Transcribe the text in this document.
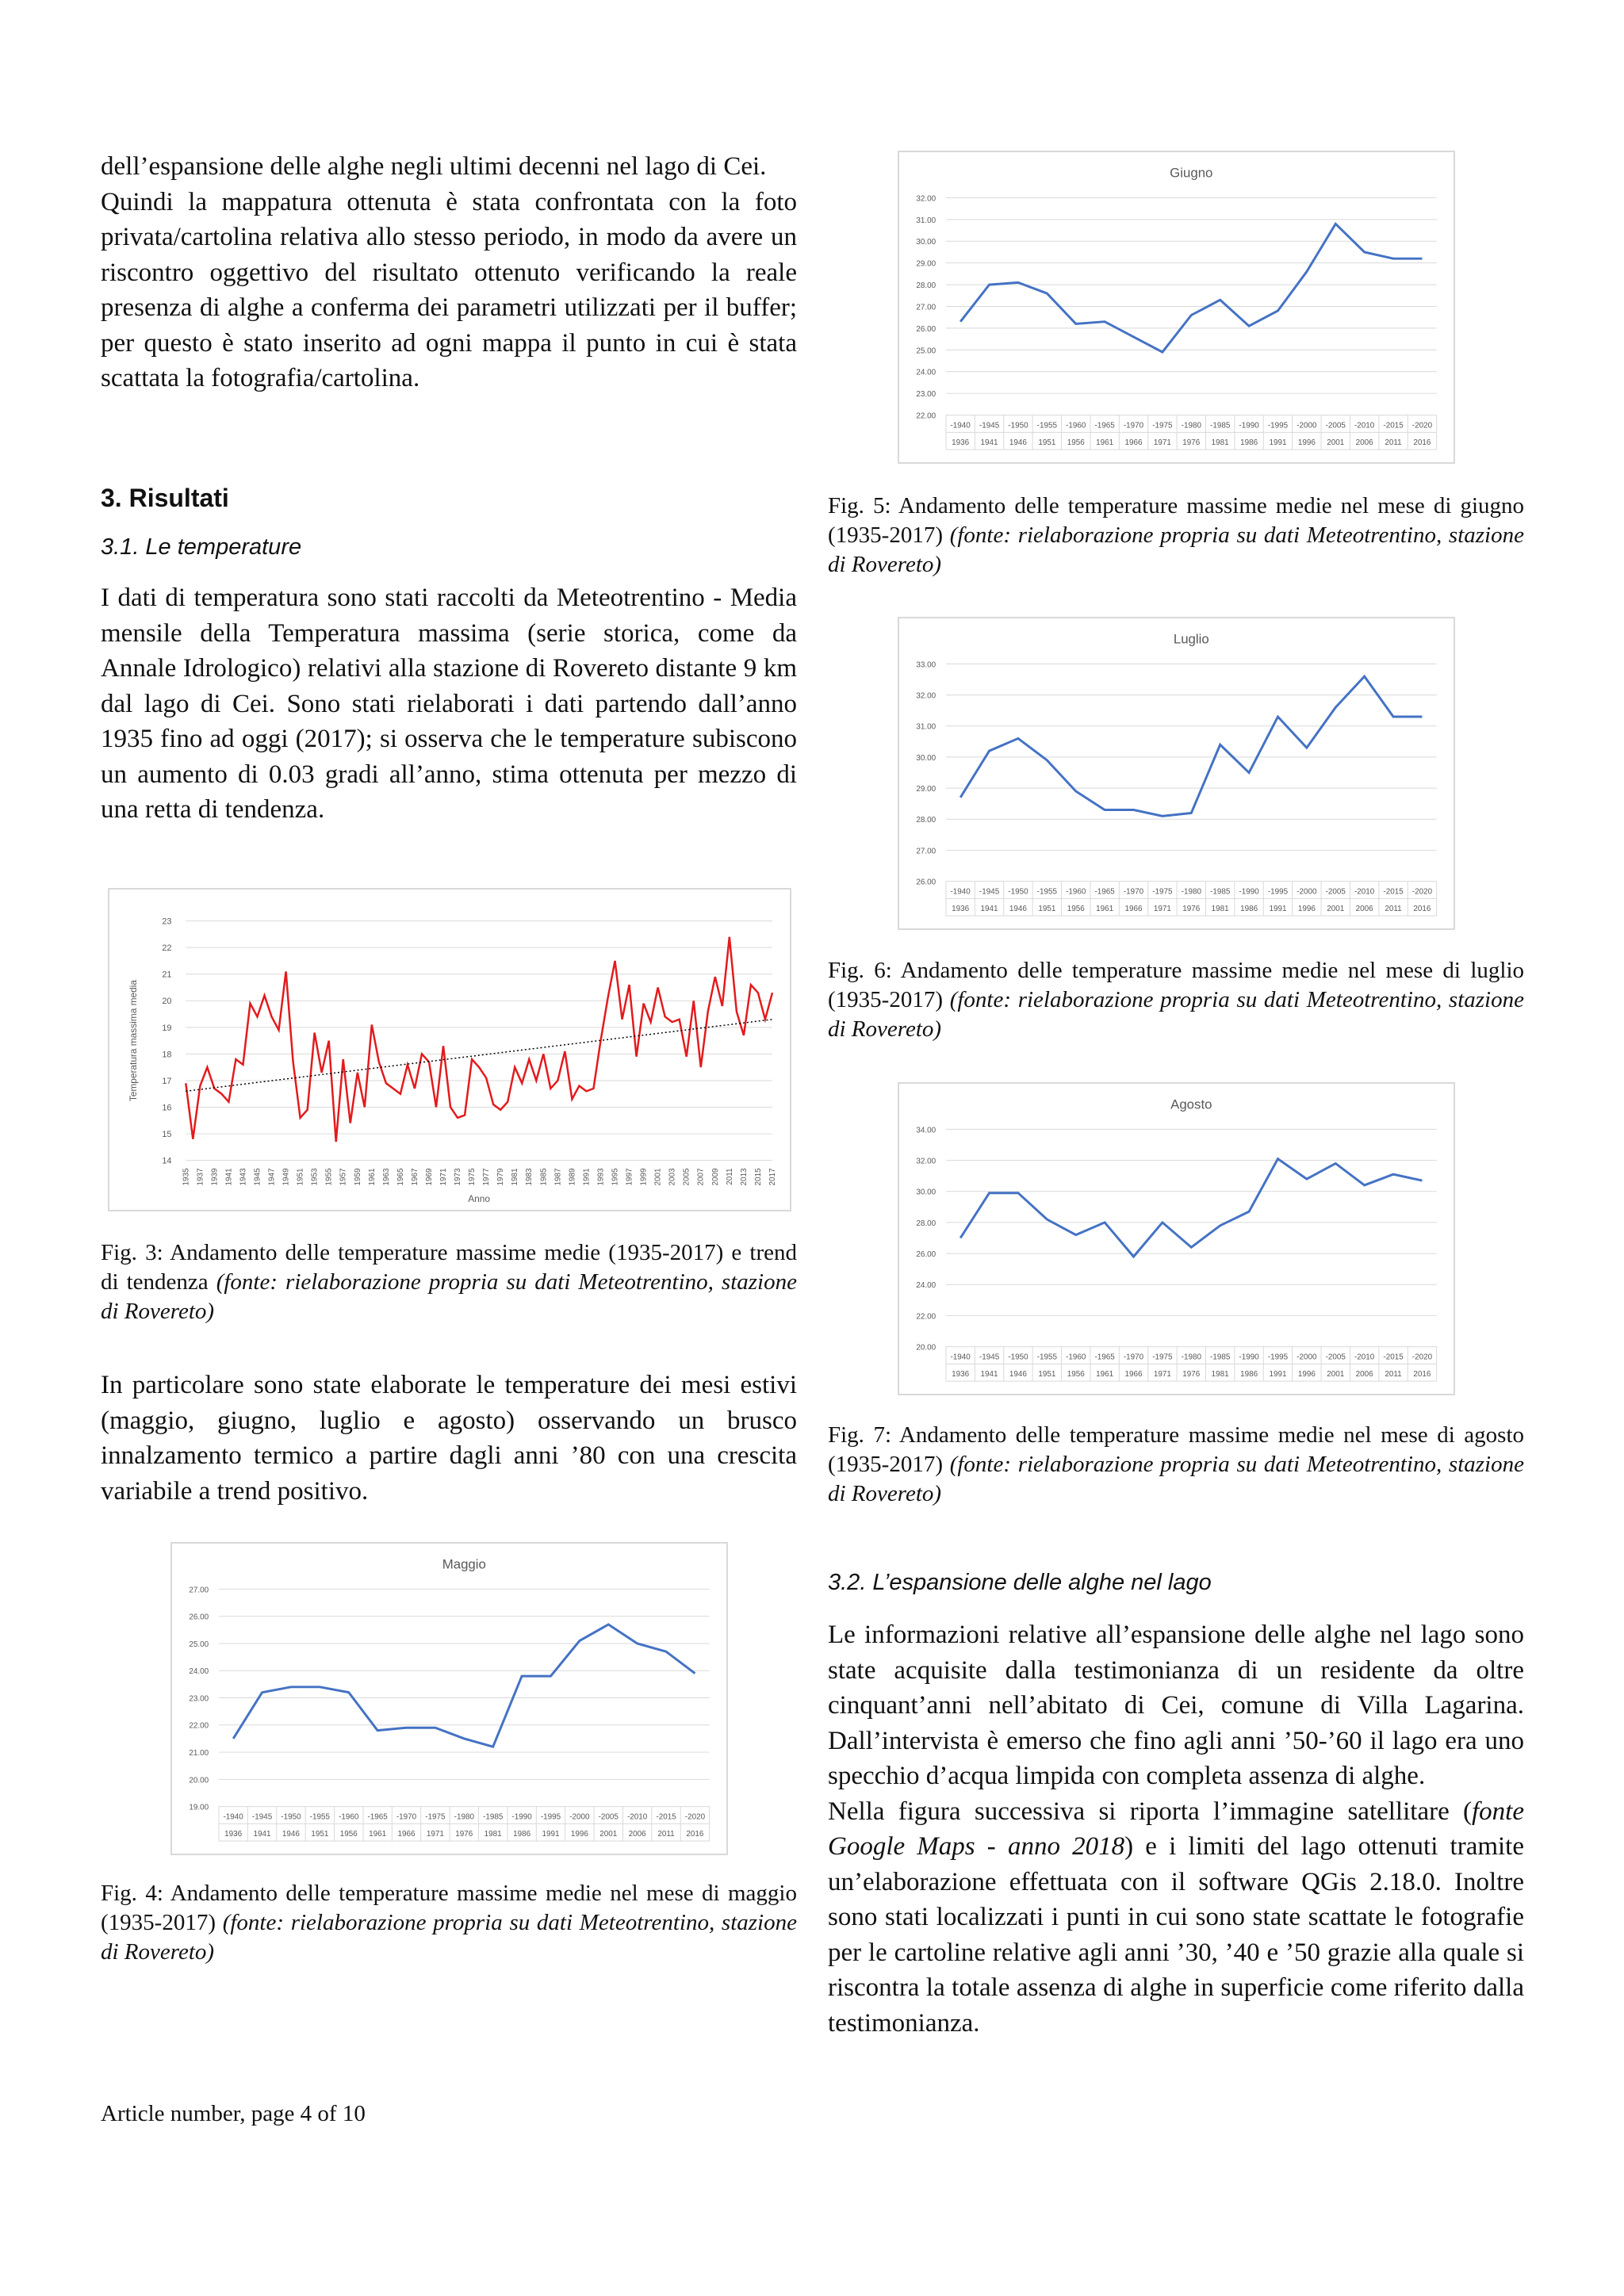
dell’espansione delle alghe negli ultimi decenni nel lago di Cei.

Quindi la mappatura ottenuta è stata confrontata con la foto privata/cartolina relativa allo stesso periodo, in modo da avere un riscontro oggettivo del risultato ottenuto verificando la reale presenza di alghe a conferma dei parametri utilizzati per il buffer; per questo è stato inserito ad ogni mappa il punto in cui è stata scattata la fotografia/cartolina.

3. Risultati
3.1. Le temperature

I dati di temperatura sono stati raccolti da Meteotrentino - Media mensile della Temperatura massima (serie storica, come da Annale Idrologico) relativi alla stazione di Rovereto distante 9 km dal lago di Cei. Sono stati rielaborati i dati partendo dall’anno 1935 fino ad oggi (2017); si osserva che le temperature subiscono un aumento di 0.03 gradi all’anno, stima ottenuta per mezzo di una retta di tendenza.

14
15
16
17
18
19
20
21
22
23
1935 1937 1939 1941 1943 1945 1947 1949 1951 1953 1955 1957 1959 1961 1963 1965 1967 1969 1971 1973 1975 1977 1979 1981 1983 1985 1987 1989 1991 1993 1995 1997 1999 2001 2003 2005 2007 2009 2011 2013 2015 2017
Anno
Temperatura massima media

Fig. 3: Andamento delle temperature massime medie (1935-2017) e trend di tendenza (fonte: rielaborazione propria su dati Meteotrentino, stazione di Rovereto)

In particolare sono state elaborate le temperature dei mesi estivi (maggio, giugno, luglio e agosto) osservando un brusco innalzamento termico a partire dagli anni ’80 con una crescita variabile a trend positivo.

Maggio
19.00
20.00
21.00
22.00
23.00
24.00
25.00
26.00
27.00
-1940 -1945 -1950 -1955 -1960 -1965 -1970 -1975 -1980 -1985 -1990 -1995 -2000 -2005 -2010 -2015 -2020
1936 1941 1946 1951 1956 1961 1966 1971 1976 1981 1986 1991 1996 2001 2006 2011 2016

Fig. 4: Andamento delle temperature massime medie nel mese di maggio (1935-2017) (fonte: rielaborazione propria su dati Meteotrentino, stazione di Rovereto)

Giugno
22.00
23.00
24.00
25.00
26.00
27.00
28.00
29.00
30.00
31.00
32.00
-1940 -1945 -1950 -1955 -1960 -1965 -1970 -1975 -1980 -1985 -1990 -1995 -2000 -2005 -2010 -2015 -2020
1936 1941 1946 1951 1956 1961 1966 1971 1976 1981 1986 1991 1996 2001 2006 2011 2016

Fig. 5: Andamento delle temperature massime medie nel mese di giugno (1935-2017) (fonte: rielaborazione propria su dati Meteotrentino, stazione di Rovereto)

Luglio
26.00
27.00
28.00
29.00
30.00
31.00
32.00
33.00
-1940 -1945 -1950 -1955 -1960 -1965 -1970 -1975 -1980 -1985 -1990 -1995 -2000 -2005 -2010 -2015 -2020
1936 1941 1946 1951 1956 1961 1966 1971 1976 1981 1986 1991 1996 2001 2006 2011 2016

Fig. 6: Andamento delle temperature massime medie nel mese di luglio (1935-2017) (fonte: rielaborazione propria su dati Meteotrentino, stazione di Rovereto)

Agosto
20.00
22.00
24.00
26.00
28.00
30.00
32.00
34.00
-1940 -1945 -1950 -1955 -1960 -1965 -1970 -1975 -1980 -1985 -1990 -1995 -2000 -2005 -2010 -2015 -2020
1936 1941 1946 1951 1956 1961 1966 1971 1976 1981 1986 1991 1996 2001 2006 2011 2016

Fig. 7: Andamento delle temperature massime medie nel mese di agosto (1935-2017) (fonte: rielaborazione propria su dati Meteotrentino, stazione di Rovereto)

3.2. L’espansione delle alghe nel lago

Le informazioni relative all’espansione delle alghe nel lago sono state acquisite dalla testimonianza di un residente da oltre cinquant’anni nell’abitato di Cei, comune di Villa Lagarina. Dall’intervista è emerso che fino agli anni ’50-’60 il lago era uno specchio d’acqua limpida con completa assenza di alghe.

Nella figura successiva si riporta l’immagine satellitare (fonte Google Maps - anno 2018) e i limiti del lago ottenuti tramite un’elaborazione effettuata con il software QGis 2.18.0. Inoltre sono stati localizzati i punti in cui sono state scattate le fotografie per le cartoline relative agli anni ’30, ’40 e ’50 grazie alla quale si riscontra la totale assenza di alghe in superficie come riferito dalla testimonianza.

Article number, page 4 of 10
